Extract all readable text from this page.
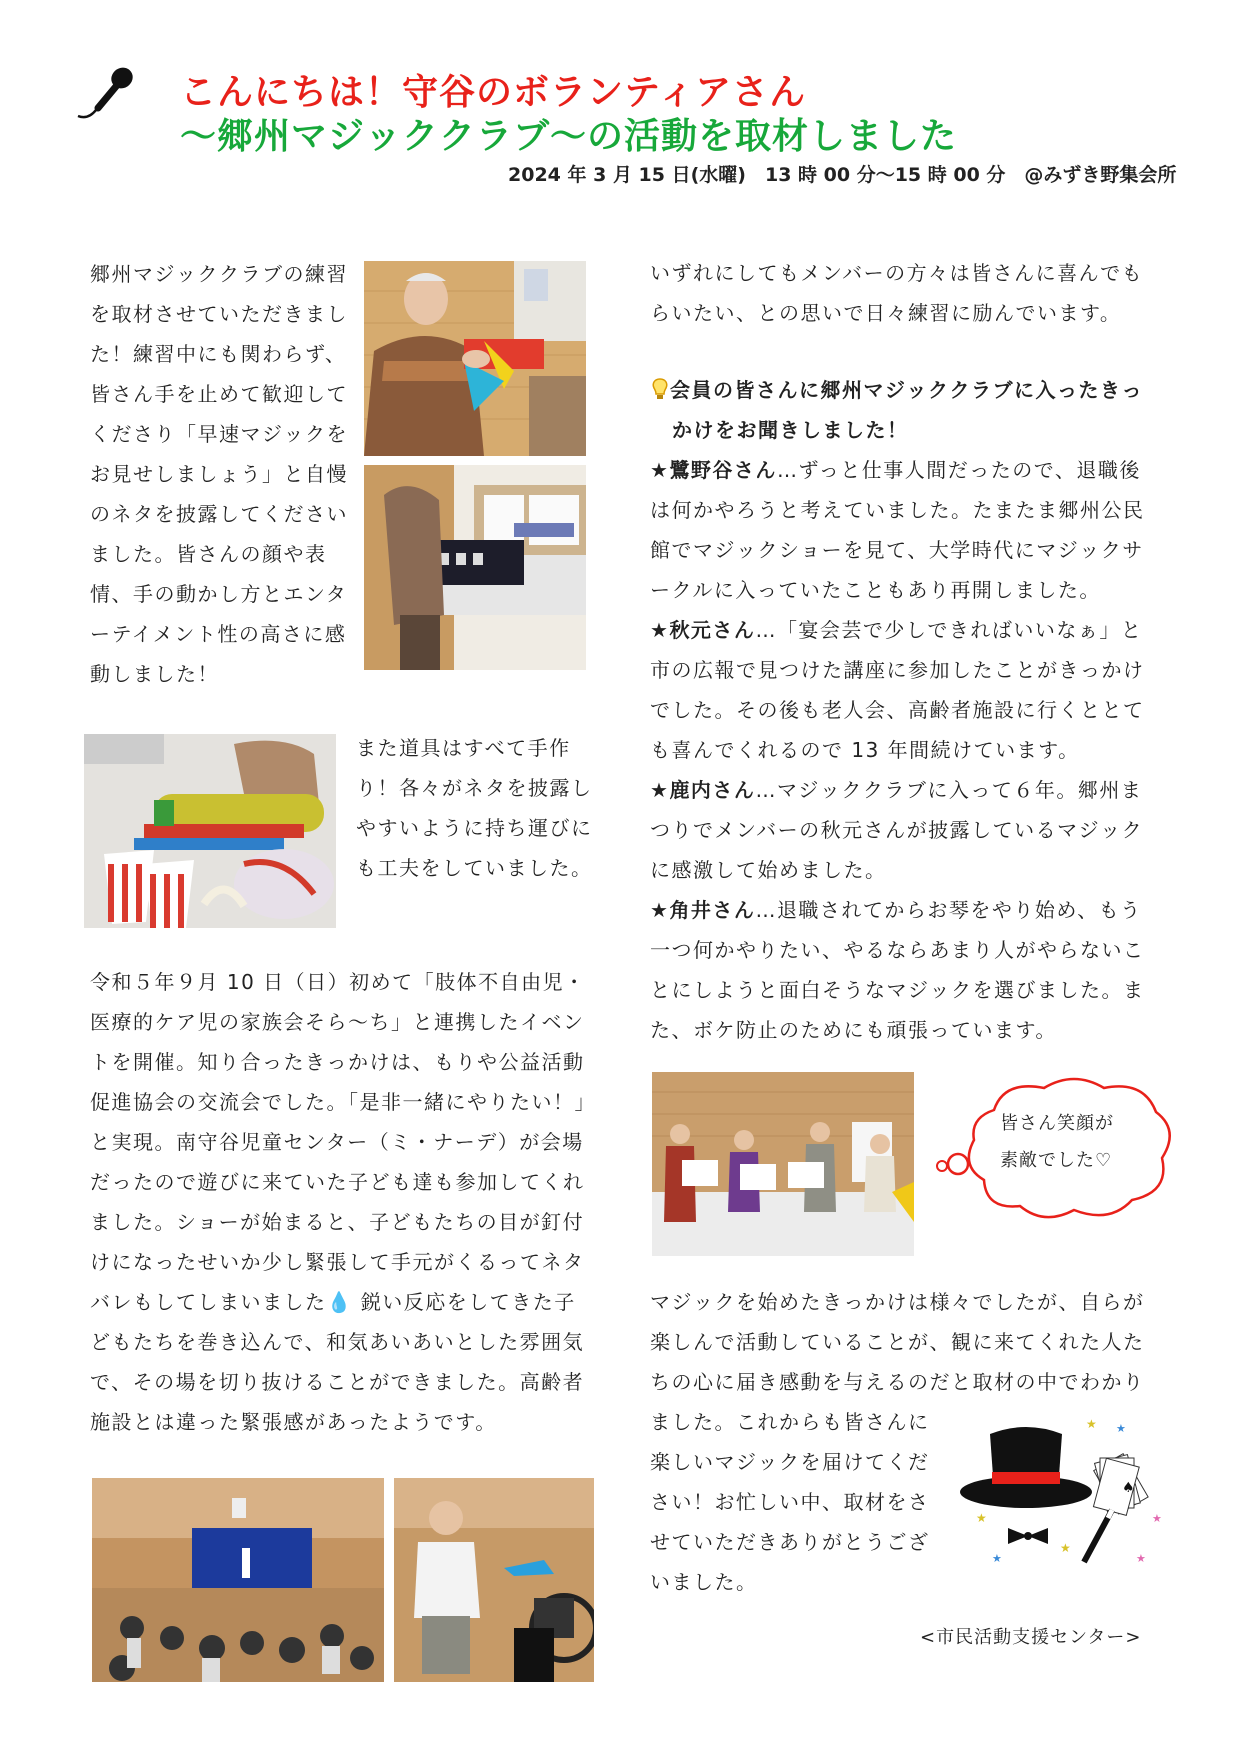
こんにちは！守谷のボランティアさん
～郷州マジッククラブ～の活動を取材しました
2024 年 3 月 15 日(水曜)　13 時 00 分～15 時 00 分　@みずき野集会所

郷州マジッククラブの練習を取材させていただきました！練習中にも関わらず、皆さん手を止めて歓迎してくださり「早速マジックをお見せしましょう」と自慢のネタを披露してくださいました。皆さんの顔や表情、手の動かし方とエンターテイメント性の高さに感動しました！

また道具はすべて手作り！各々がネタを披露しやすいように持ち運びにも工夫をしていました。

令和５年９月 10 日（日）初めて「肢体不自由児・医療的ケア児の家族会そら～ち」と連携したイベントを開催。知り合ったきっかけは、もりや公益活動促進協会の交流会でした。「是非一緒にやりたい！」と実現。南守谷児童センター（ミ・ナーデ）が会場だったので遊びに来ていた子ども達も参加してくれました。ショーが始まると、子どもたちの目が釘付けになったせいか少し緊張して手元がくるってネタバレもしてしまいました💧 鋭い反応をしてきた子どもたちを巻き込んで、和気あいあいとした雰囲気で、その場を切り抜けることができました。高齢者施設とは違った緊張感があったようです。

いずれにしてもメンバーの方々は皆さんに喜んでもらいたい、との思いで日々練習に励んでいます。

会員の皆さんに郷州マジッククラブに入ったきっかけをお聞きしました！

★鷺野谷さん…ずっと仕事人間だったので、退職後は何かやろうと考えていました。たまたま郷州公民館でマジックショーを見て、大学時代にマジックサークルに入っていたこともあり再開しました。

★秋元さん…「宴会芸で少しできればいいなぁ」と市の広報で見つけた講座に参加したことがきっかけでした。その後も老人会、高齢者施設に行くととても喜んでくれるので 13 年間続けています。

★鹿内さん…マジッククラブに入って６年。郷州まつりでメンバーの秋元さんが披露しているマジックに感激して始めました。

★角井さん…退職されてからお琴をやり始め、もう一つ何かやりたい、やるならあまり人がやらないことにしようと面白そうなマジックを選びました。また、ボケ防止のためにも頑張っています。

皆さん笑顔が
素敵でした♡

マジックを始めたきっかけは様々でしたが、自らが楽しんで活動していることが、観に来てくれた人たちの心に届き感動を与えるのだと取材の中でわかり

ました。これからも皆さんに楽しいマジックを届けてください！お忙しい中、取材をさせていただきありがとうございました。

♠
★
★
★
★
★
★
★
<市民活動支援センター>
